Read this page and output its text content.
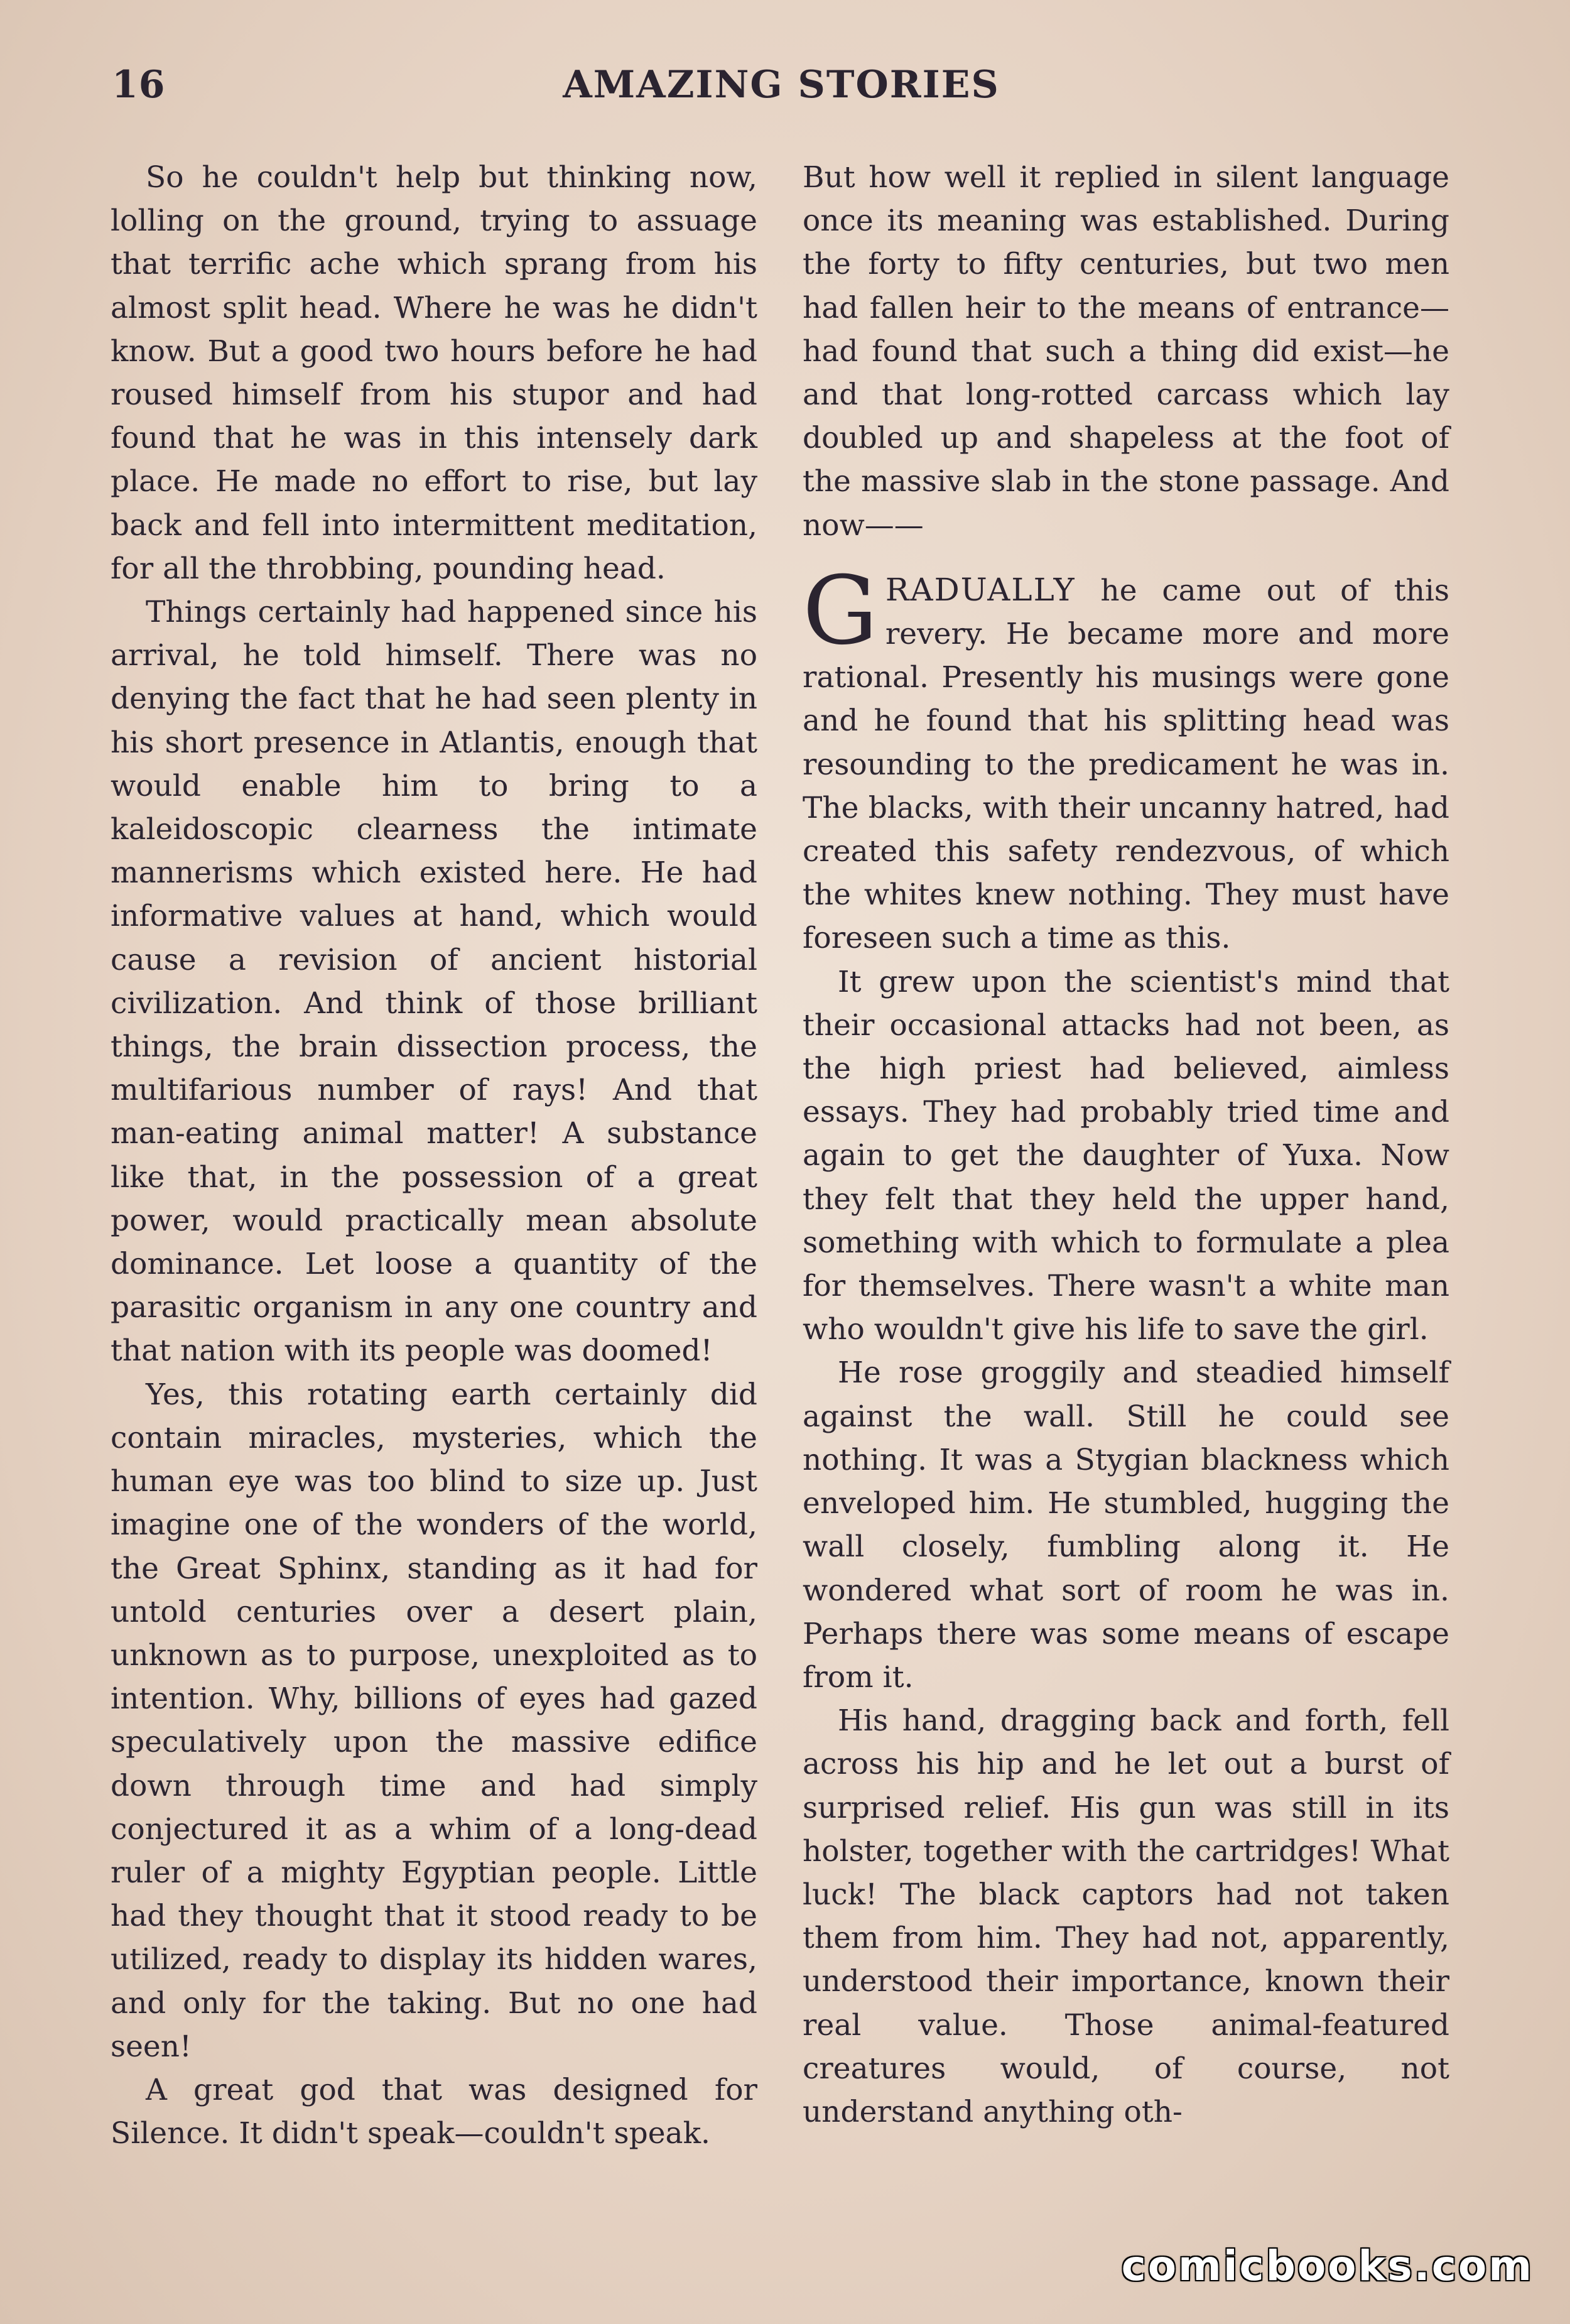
16	AMAZING STORIES

So he couldn't help but thinking now, lolling on the ground, trying to assuage that terrific ache which sprang from his almost split head. Where he was he didn't know. But a good two hours before he had roused himself from his stupor and had found that he was in this intensely dark place. He made no effort to rise, but lay back and fell into intermittent meditation, for all the throbbing, pounding head.

Things certainly had happened since his arrival, he told himself. There was no denying the fact that he had seen plenty in his short presence in Atlantis, enough that would enable him to bring to a kaleidoscopic clearness the intimate mannerisms which existed here. He had informative values at hand, which would cause a revision of ancient historial civilization. And think of those brilliant things, the brain dissection process, the multifarious number of rays! And that man-eating animal matter! A substance like that, in the possession of a great power, would practically mean absolute dominance. Let loose a quantity of the parasitic organism in any one country and that nation with its people was doomed!

Yes, this rotating earth certainly did contain miracles, mysteries, which the human eye was too blind to size up. Just imagine one of the wonders of the world, the Great Sphinx, standing as it had for untold centuries over a desert plain, unknown as to purpose, unexploited as to intention. Why, billions of eyes had gazed speculatively upon the massive edifice down through time and had simply conjectured it as a whim of a long-dead ruler of a mighty Egyptian people. Little had they thought that it stood ready to be utilized, ready to display its hidden wares, and only for the taking. But no one had seen!

A great god that was designed for Silence. It didn't speak—couldn't speak.

But how well it replied in silent language once its meaning was established. During the forty to fifty centuries, but two men had fallen heir to the means of entrance—had found that such a thing did exist—he and that long-rotted carcass which lay doubled up and shapeless at the foot of the massive slab in the stone passage. And now——

GRADUALLY he came out of this revery. He became more and more rational. Presently his musings were gone and he found that his splitting head was resounding to the predicament he was in. The blacks, with their uncanny hatred, had created this safety rendezvous, of which the whites knew nothing. They must have foreseen such a time as this.

It grew upon the scientist's mind that their occasional attacks had not been, as the high priest had believed, aimless essays. They had probably tried time and again to get the daughter of Yuxa. Now they felt that they held the upper hand, something with which to formulate a plea for themselves. There wasn't a white man who wouldn't give his life to save the girl.

He rose groggily and steadied himself against the wall. Still he could see nothing. It was a Stygian blackness which enveloped him. He stumbled, hugging the wall closely, fumbling along it. He wondered what sort of room he was in. Perhaps there was some means of escape from it.

His hand, dragging back and forth, fell across his hip and he let out a burst of surprised relief. His gun was still in its holster, together with the cartridges! What luck! The black captors had not taken them from him. They had not, apparently, understood their importance, known their real value. Those animal-featured creatures would, of course, not understand anything oth-

comicbooks.com
